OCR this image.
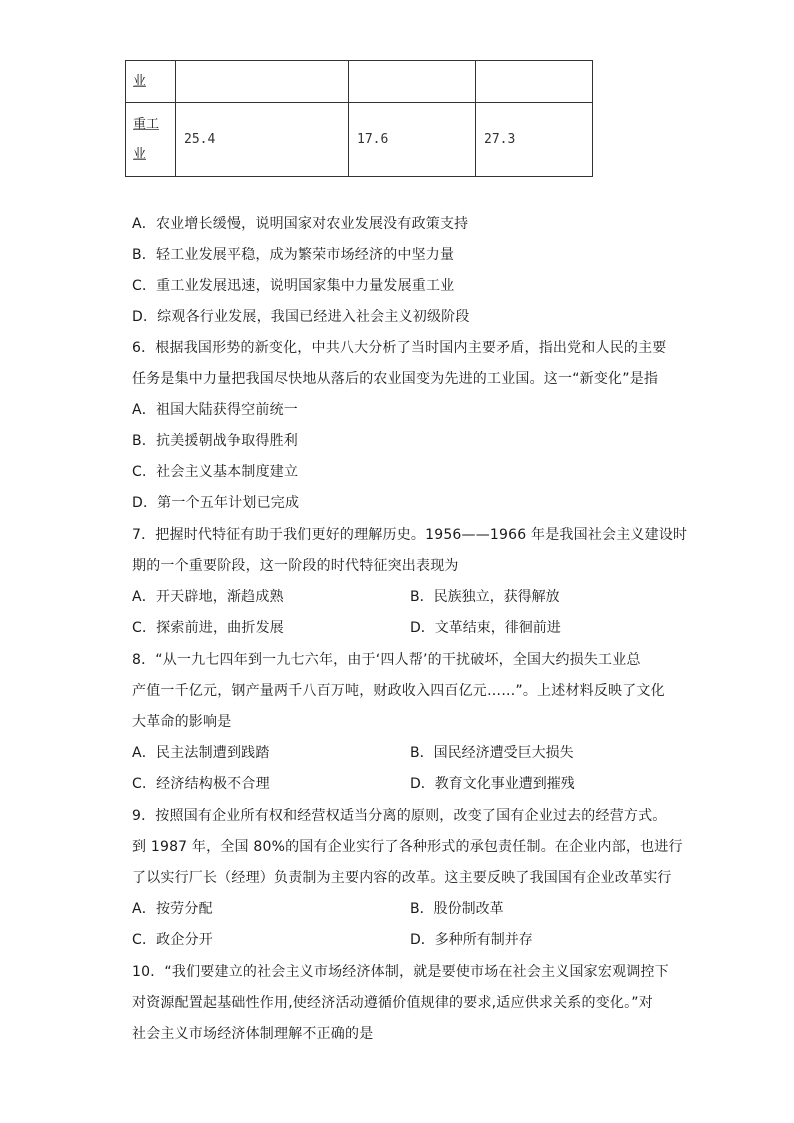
业			
重工
业	25.4	17.6	27.3
A．农业增长缓慢，说明国家对农业发展没有政策支持
B．轻工业发展平稳，成为繁荣市场经济的中坚力量
C．重工业发展迅速，说明国家集中力量发展重工业
D．综观各行业发展，我国已经进入社会主义初级阶段
6．根据我国形势的新变化，中共八大分析了当时国内主要矛盾，指出党和人民的主要
任务是集中力量把我国尽快地从落后的农业国变为先进的工业国。这一“新变化”是指
A．祖国大陆获得空前统一
B．抗美援朝战争取得胜利
C．社会主义基本制度建立
D．第一个五年计划已完成
7．把握时代特征有助于我们更好的理解历史。1956——1966 年是我国社会主义建设时
期的一个重要阶段，这一阶段的时代特征突出表现为
A．开天辟地，渐趋成熟	B．民族独立，获得解放
C．探索前进，曲折发展	D．文革结束，徘徊前进
8．“从一九七四年到一九七六年，由于‘四人帮’的干扰破坏，全国大约损失工业总
产值一千亿元，钢产量两千八百万吨，财政收入四百亿元……”。上述材料反映了文化
大革命的影响是
A．民主法制遭到践踏	B．国民经济遭受巨大损失
C．经济结构极不合理	D．教育文化事业遭到摧残
9．按照国有企业所有权和经营权适当分离的原则，改变了国有企业过去的经营方式。
到 1987 年，全国 80%的国有企业实行了各种形式的承包责任制。在企业内部，也进行
了以实行厂长（经理）负责制为主要内容的改革。这主要反映了我国国有企业改革实行
A．按劳分配	B．股份制改革
C．政企分开	D．多种所有制并存
10．“我们要建立的社会主义市场经济体制，就是要使市场在社会主义国家宏观调控下
对资源配置起基础性作用,使经济活动遵循价值规律的要求,适应供求关系的变化。”对
社会主义市场经济体制理解不正确的是
